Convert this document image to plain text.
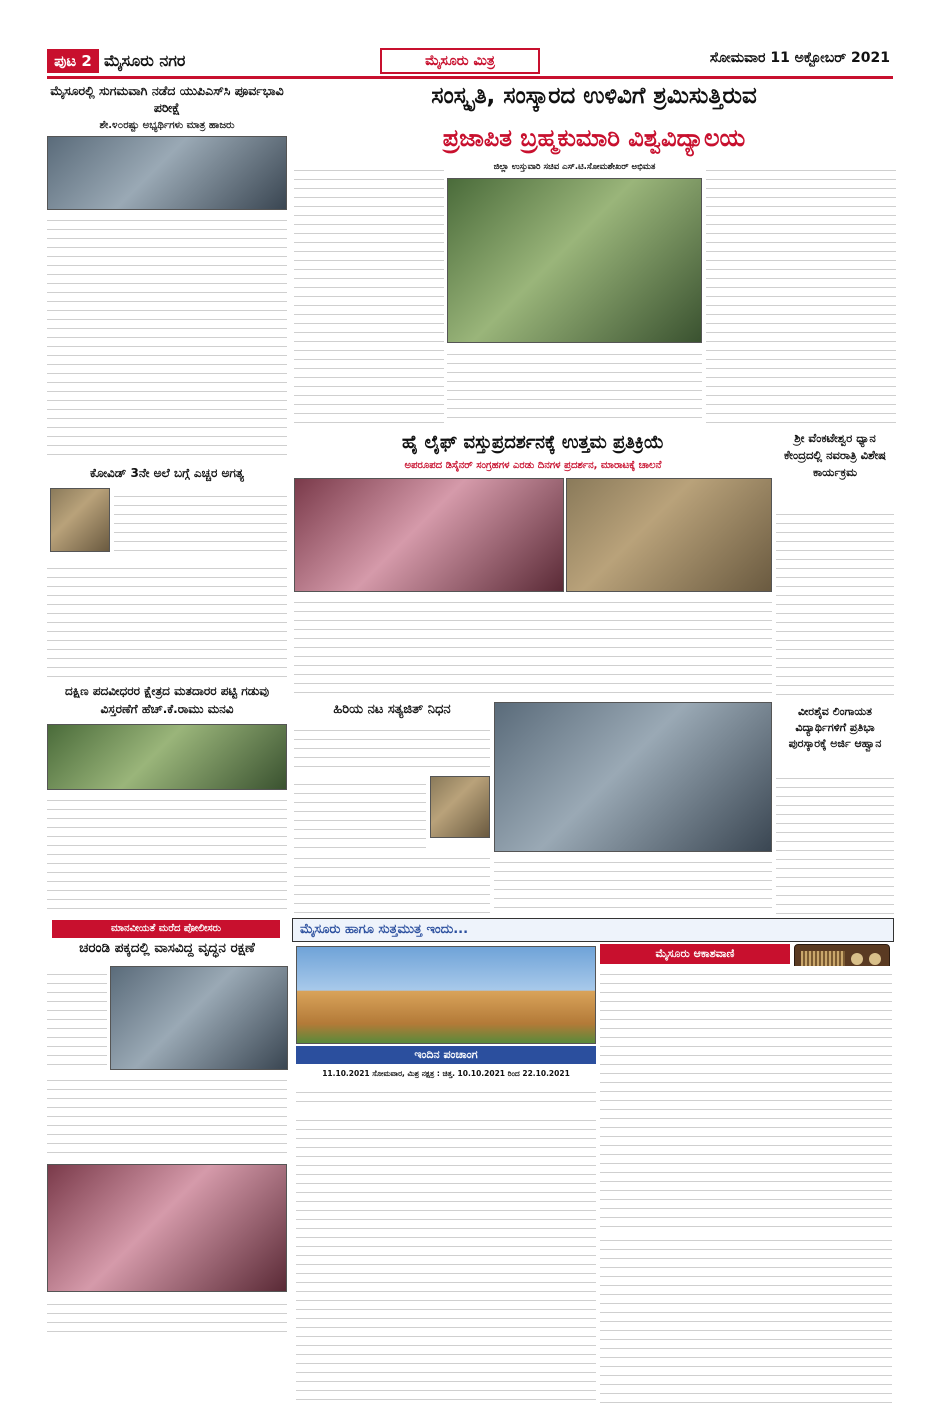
ಪುಟ 2 ಮೈಸೂರು ನಗರ	ಮೈಸೂರು ಮಿತ್ರ	ಸೋಮವಾರ 11 ಅಕ್ಟೋಬರ್ 2021
ಮೈಸೂರಲ್ಲಿ ಸುಗಮವಾಗಿ ನಡೆದ ಯುಪಿಎಸ್‌ಸಿ ಪೂರ್ವಭಾವಿ ಪರೀಕ್ಷೆ
ಶೇ.೪೦ರಷ್ಟು ಅಭ್ಯರ್ಥಿಗಳು ಮಾತ್ರ ಹಾಜರು
ಕೋವಿಡ್ 3ನೇ ಅಲೆ ಬಗ್ಗೆ ಎಚ್ಚರ ಅಗತ್ಯ
ದಕ್ಷಿಣ ಪದವೀಧರರ ಕ್ಷೇತ್ರದ ಮತದಾರರ ಪಟ್ಟಿ ಗಡುವು ವಿಸ್ತರಣೆಗೆ ಹೆಚ್.ಕೆ.ರಾಮು ಮನವಿ
ಮಾನವೀಯತೆ ಮರೆದ ಪೋಲೀಸರು
ಚರಂಡಿ ಪಕ್ಕದಲ್ಲಿ ವಾಸವಿದ್ದ ವೃದ್ಧನ ರಕ್ಷಣೆ
ಸಂಸ್ಕೃತಿ, ಸಂಸ್ಕಾರದ ಉಳಿವಿಗೆ ಶ್ರಮಿಸುತ್ತಿರುವ
ಪ್ರಜಾಪಿತ ಬ್ರಹ್ಮಕುಮಾರಿ ವಿಶ್ವವಿದ್ಯಾಲಯ
ಜಿಲ್ಲಾ ಉಸ್ತುವಾರಿ ಸಚಿವ ಎಸ್.ಟಿ.ಸೋಮಶೇಖರ್ ಅಭಿಮತ
ಹೈ ಲೈಫ್ ವಸ್ತುಪ್ರದರ್ಶನಕ್ಕೆ ಉತ್ತಮ ಪ್ರತಿಕ್ರಿಯೆ
ಅಪರೂಪದ ಡಿಸೈನರ್ ಸಂಗ್ರಹಗಳ ಎರಡು ದಿನಗಳ ಪ್ರದರ್ಶನ, ಮಾರಾಟಕ್ಕೆ ಚಾಲನೆ
ಶ್ರೀ ವೆಂಕಟೇಶ್ವರ ಧ್ಯಾನ ಕೇಂದ್ರದಲ್ಲಿ ನವರಾತ್ರಿ ವಿಶೇಷ ಕಾರ್ಯಕ್ರಮ
ವೀರಶೈವ ಲಿಂಗಾಯತ ವಿದ್ಯಾರ್ಥಿಗಳಿಗೆ ಪ್ರತಿಭಾ ಪುರಸ್ಕಾರಕ್ಕೆ ಅರ್ಜಿ ಆಹ್ವಾನ
ಹಿರಿಯ ನಟ ಸತ್ಯಜಿತ್ ನಿಧನ
ಮೈಸೂರು ಹಾಗೂ ಸುತ್ತಮುತ್ತ ಇಂದು...
ಇಂದಿನ ಪಂಚಾಂಗ
11.10.2021 ಸೋಮವಾರ, ಮಿಶ್ರ ನಕ್ಷತ್ರ : ಚಿತ್ತ. 10.10.2021 ರಿಂದ 22.10.2021
ಮೈಸೂರು ಆಕಾಶವಾಣಿ
